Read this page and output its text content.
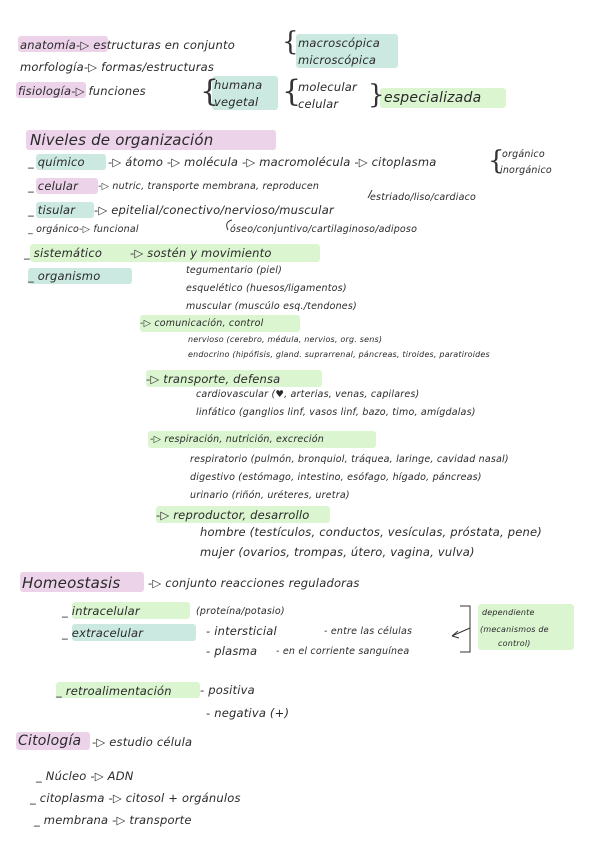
anatomía-▷ estructuras en conjunto { macroscópica
microscópica
morfología-▷ formas/estructuras
fisiología-▷ funciones {
humana
vegetal {
molecular
celular } especializada
Niveles de organización
_ químico -▷ átomo -▷ molécula -▷ macromolécula -▷ citoplasma {
orgánico
inorgánico
_ celular -▷ nutric, transporte membrana, reproducen
estriado/liso/cardiaco
_ tisular -▷ epitelial/conectivo/nervioso/muscular
_ orgánico-▷ funcional	óseo/conjuntivo/cartilaginoso/adiposo
_ sistemático -▷ sostén y movimiento
_ organismo	tegumentario (piel)
esquelético (huesos/ligamentos)
muscular (muscúlo esq./tendones)
-▷ comunicación, control
nervioso (cerebro, médula, nervios, org. sens)
endocrino (hipófisis, gland. suprarrenal, páncreas, tiroides, paratiroides
-▷ transporte, defensa
cardiovascular (♥, arterias, venas, capilares)
linfático (ganglios linf, vasos linf, bazo, timo, amígdalas)
-▷ respiración, nutrición, excreción
respiratorio (pulmón, bronquiol, tráquea, laringe, cavidad nasal)
digestivo (estómago, intestino, esófago, hígado, páncreas)
urinario (riñón, uréteres, uretra)
-▷ reproductor, desarrollo
hombre (testículos, conductos, vesículas, próstata, pene)
mujer (ovarios, trompas, útero, vagina, vulva)
Homeostasis -▷ conjunto reacciones reguladoras
_ intracelular	(proteína/potasio)
_ extracelular	- intersticial	- entre las células
- plasma - en el corriente sanguínea
dependiente
(mecanismos de
control)
_ retroalimentación - positiva
- negativa (+)
Citología -▷ estudio célula
_ Núcleo -▷ ADN
_ citoplasma -▷ citosol + orgánulos
_ membrana -▷ transporte
